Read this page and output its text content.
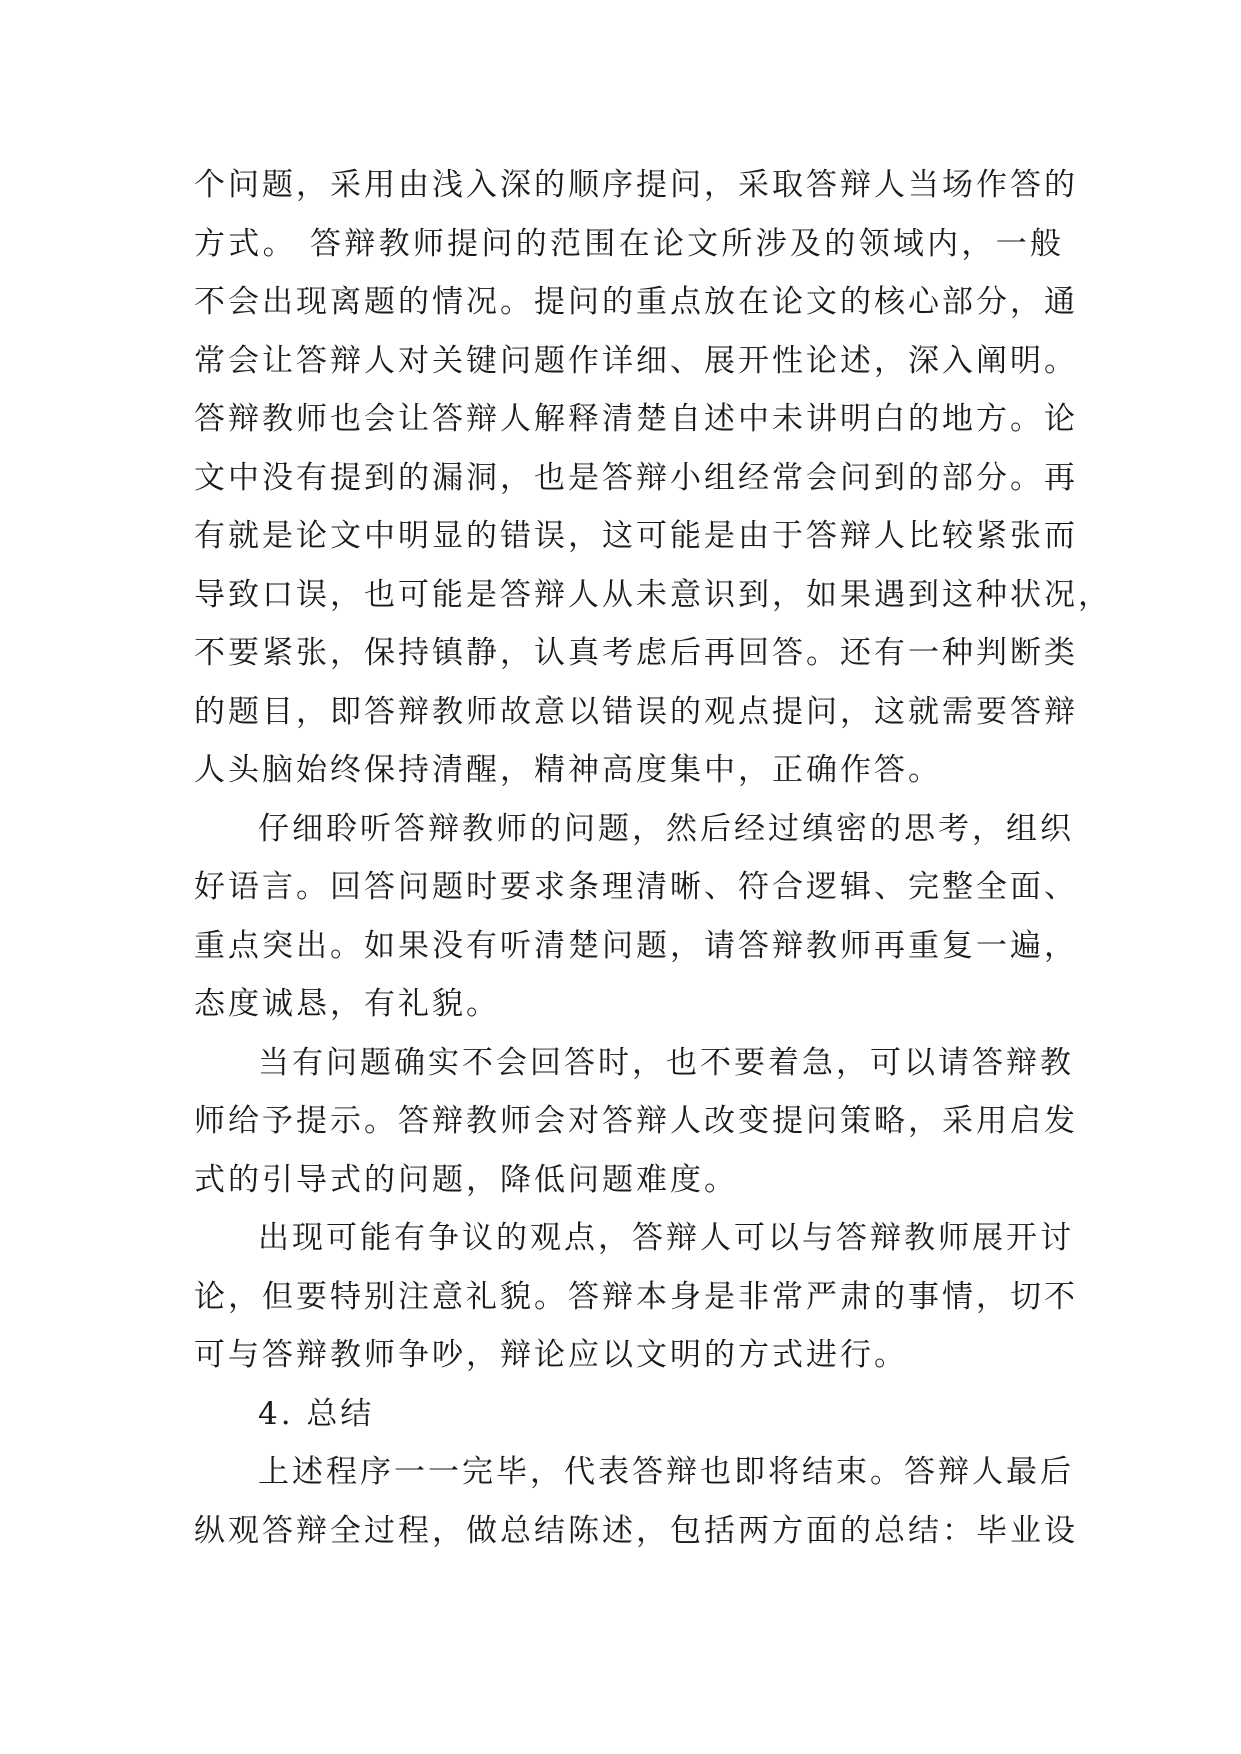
个问题，采用由浅入深的顺序提问，采取答辩人当场作答的
方式。 答辩教师提问的范围在论文所涉及的领域内，一般
不会出现离题的情况。提问的重点放在论文的核心部分，通
常会让答辩人对关键问题作详细、展开性论述，深入阐明。
答辩教师也会让答辩人解释清楚自述中未讲明白的地方。论
文中没有提到的漏洞，也是答辩小组经常会问到的部分。再
有就是论文中明显的错误，这可能是由于答辩人比较紧张而
导致口误，也可能是答辩人从未意识到，如果遇到这种状况，
不要紧张，保持镇静，认真考虑后再回答。还有一种判断类
的题目，即答辩教师故意以错误的观点提问，这就需要答辩
人头脑始终保持清醒，精神高度集中，正确作答。
仔细聆听答辩教师的问题，然后经过缜密的思考，组织
好语言。回答问题时要求条理清晰、符合逻辑、完整全面、
重点突出。如果没有听清楚问题，请答辩教师再重复一遍，
态度诚恳，有礼貌。
当有问题确实不会回答时，也不要着急，可以请答辩教
师给予提示。答辩教师会对答辩人改变提问策略，采用启发
式的引导式的问题，降低问题难度。
出现可能有争议的观点，答辩人可以与答辩教师展开讨
论，但要特别注意礼貌。答辩本身是非常严肃的事情，切不
可与答辩教师争吵，辩论应以文明的方式进行。
4. 总结
上述程序一一完毕，代表答辩也即将结束。答辩人最后
纵观答辩全过程，做总结陈述，包括两方面的总结：毕业设
